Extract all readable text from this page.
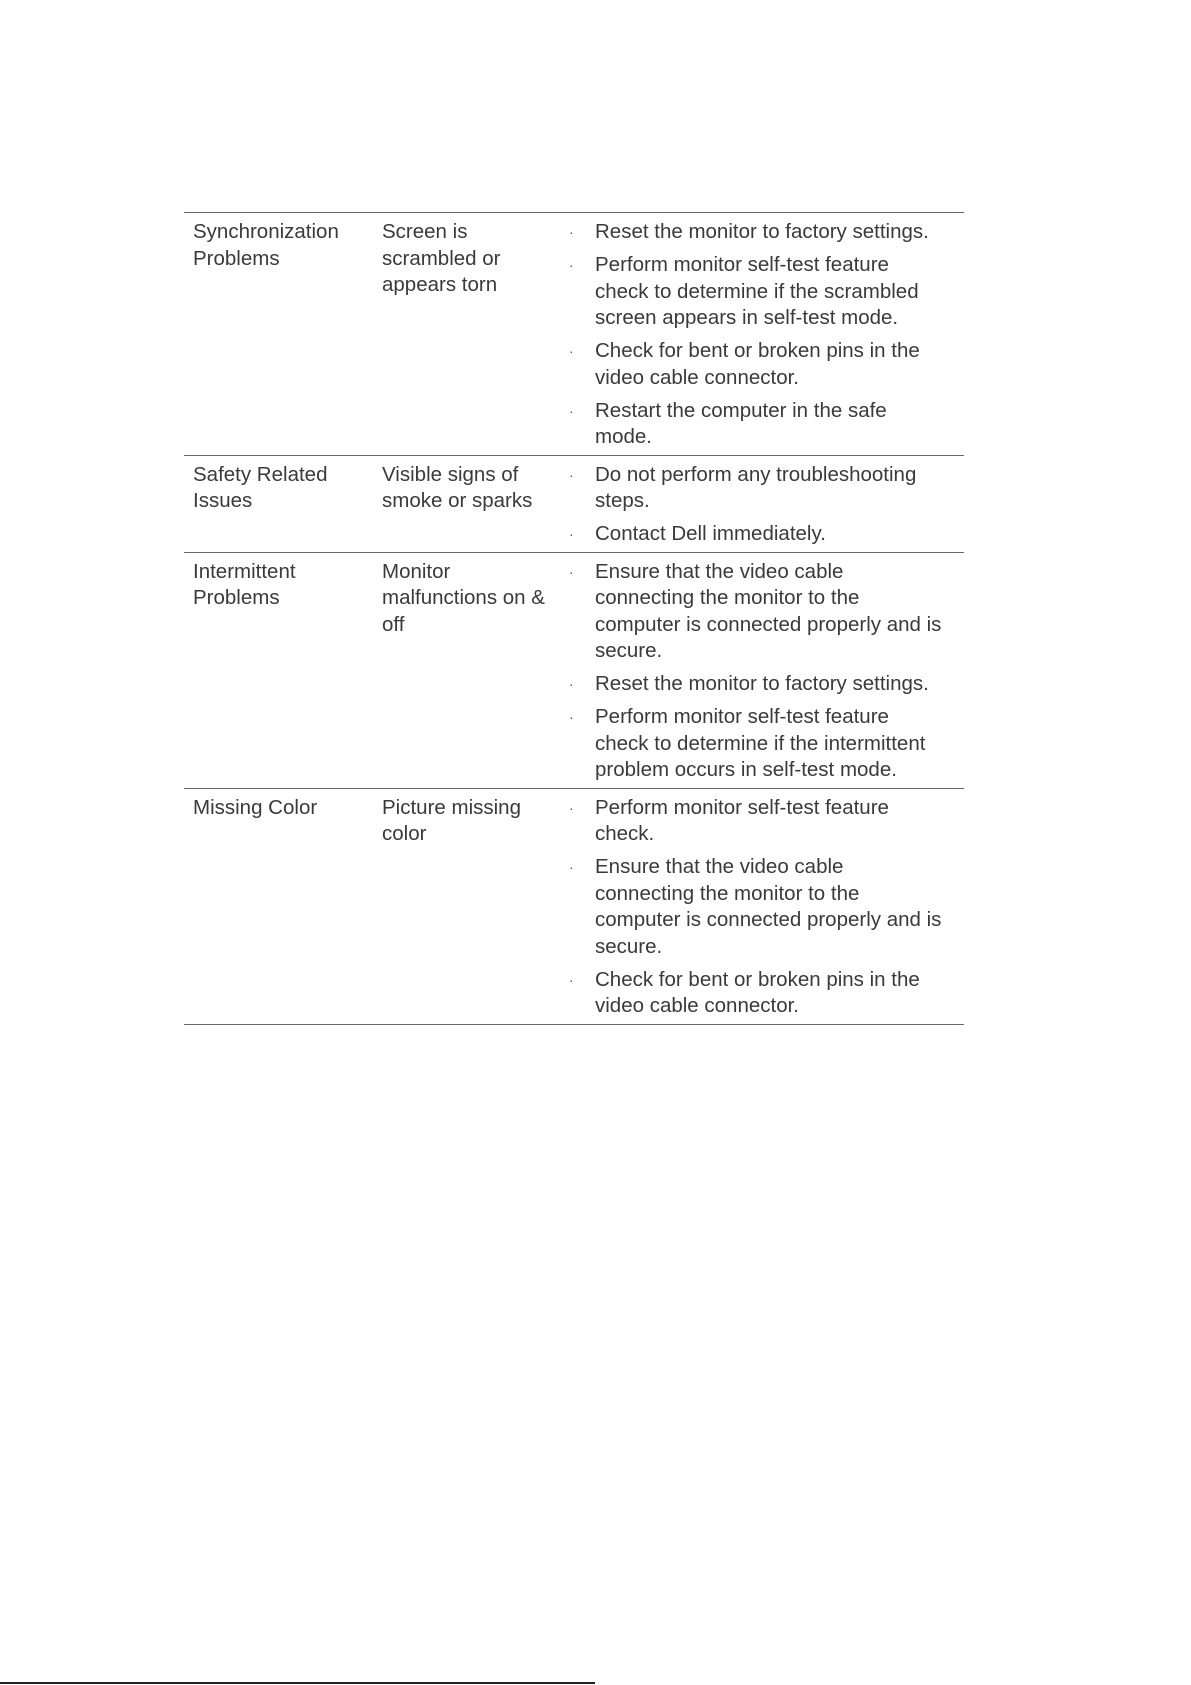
Synchronization
Problems
Screen is
scrambled or
appears torn
· Reset the monitor to factory settings.
· Perform monitor self-test feature
check to determine if the scrambled
screen appears in self-test mode.
· Check for bent or broken pins in the
video cable connector.
· Restart the computer in the safe
mode.
Safety Related
Issues
Visible signs of
smoke or sparks
· Do not perform any troubleshooting
steps.
· Contact Dell immediately.
Intermittent
Problems
Monitor
malfunctions on &
off
· Ensure that the video cable
connecting the monitor to the
computer is connected properly and is
secure.
· Reset the monitor to factory settings.
· Perform monitor self-test feature
check to determine if the intermittent
problem occurs in self-test mode.
Missing Color	Picture missing
color
· Perform monitor self-test feature
check.
· Ensure that the video cable
connecting the monitor to the
computer is connected properly and is
secure.
· Check for bent or broken pins in the
video cable connector.
